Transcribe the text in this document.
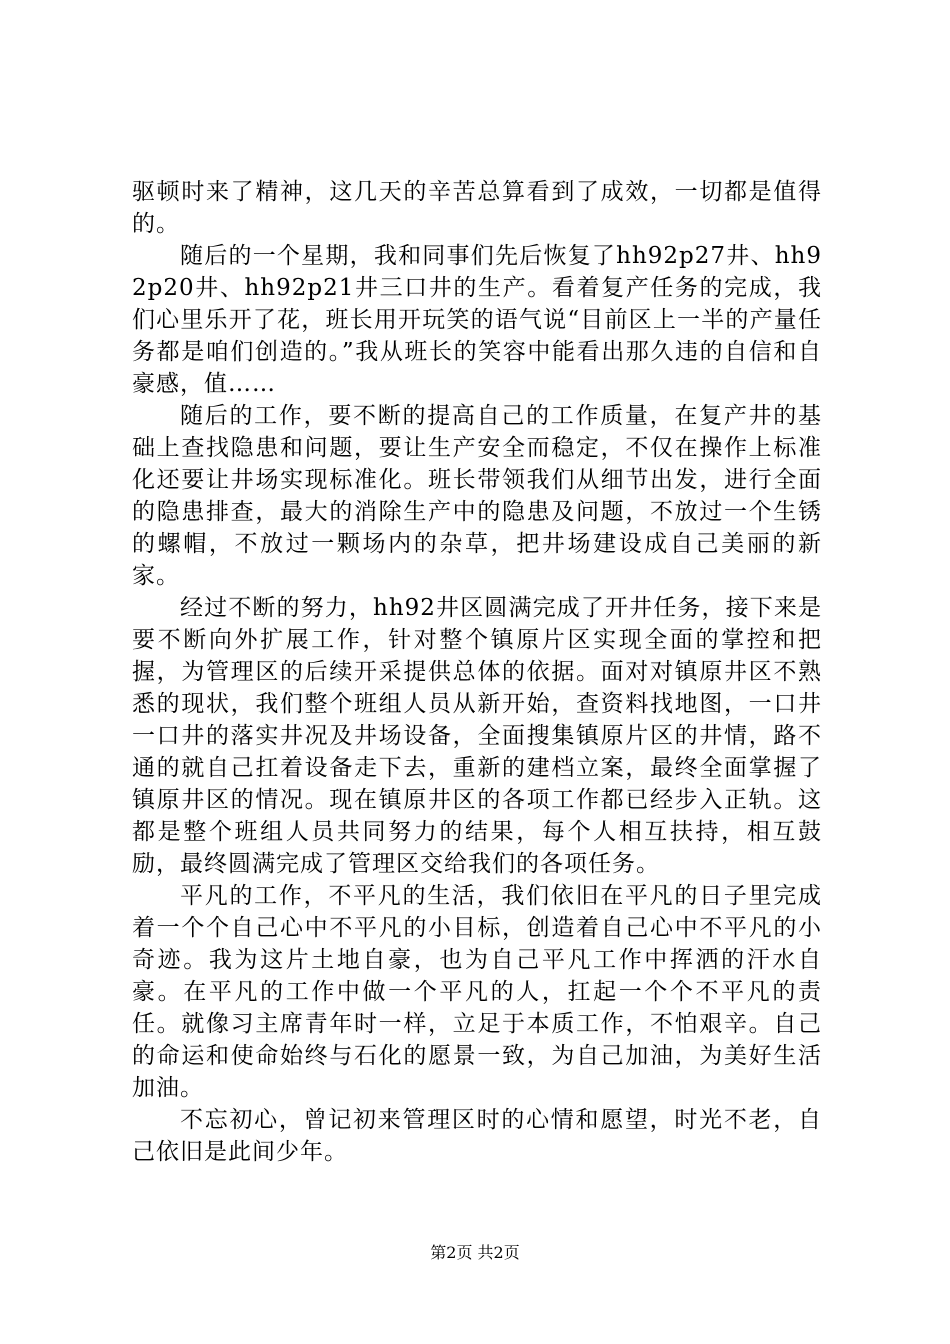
驱顿时来了精神，这几天的辛苦总算看到了成效，一切都是值得的。

随后的一个星期，我和同事们先后恢复了hh92p27井、hh92p20井、hh92p21井三口井的生产。看着复产任务的完成，我们心里乐开了花，班长用开玩笑的语气说“目前区上一半的产量任务都是咱们创造的。”我从班长的笑容中能看出那久违的自信和自豪感，值……

随后的工作，要不断的提高自己的工作质量，在复产井的基础上查找隐患和问题，要让生产安全而稳定，不仅在操作上标准化还要让井场实现标准化。班长带领我们从细节出发，进行全面的隐患排查，最大的消除生产中的隐患及问题，不放过一个生锈的螺帽，不放过一颗场内的杂草，把井场建设成自己美丽的新家。

经过不断的努力，hh92井区圆满完成了开井任务，接下来是要不断向外扩展工作，针对整个镇原片区实现全面的掌控和把握，为管理区的后续开采提供总体的依据。面对对镇原井区不熟悉的现状，我们整个班组人员从新开始，查资料找地图，一口井一口井的落实井况及井场设备，全面搜集镇原片区的井情，路不通的就自己扛着设备走下去，重新的建档立案，最终全面掌握了镇原井区的情况。现在镇原井区的各项工作都已经步入正轨。这都是整个班组人员共同努力的结果，每个人相互扶持，相互鼓励，最终圆满完成了管理区交给我们的各项任务。

平凡的工作，不平凡的生活，我们依旧在平凡的日子里完成着一个个自己心中不平凡的小目标，创造着自己心中不平凡的小奇迹。我为这片土地自豪，也为自己平凡工作中挥洒的汗水自豪。在平凡的工作中做一个平凡的人，扛起一个个不平凡的责任。就像习主席青年时一样，立足于本质工作，不怕艰辛。自己的命运和使命始终与石化的愿景一致，为自己加油，为美好生活加油。

不忘初心，曾记初来管理区时的心情和愿望，时光不老，自己依旧是此间少年。

第2页 共2页
